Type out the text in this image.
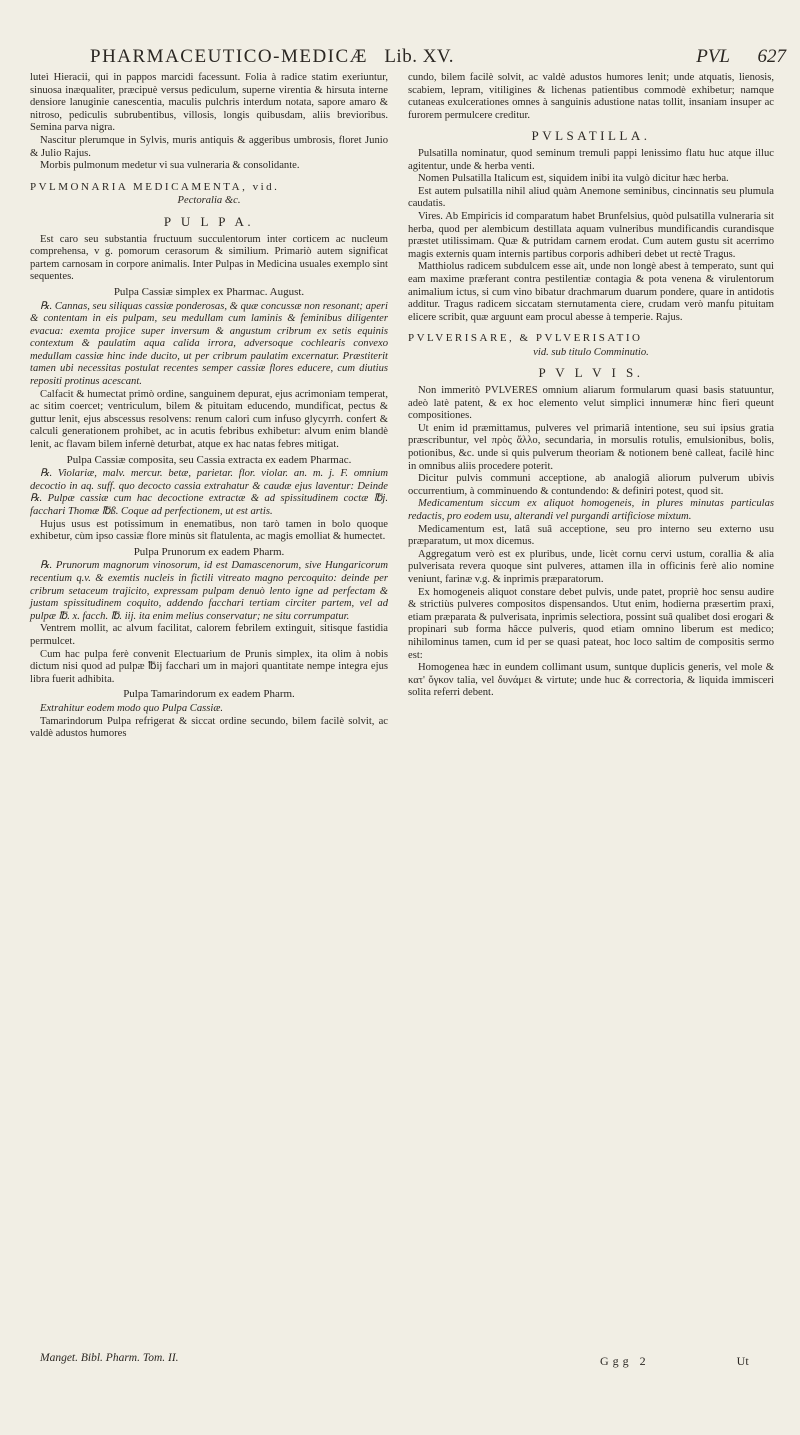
PHARMACEUTICO-MEDICÆ Lib. XV.	PVL 627

luteì Hieracii, qui in pappos marcidi facessunt. Folia à radice statim exeriuntur, sinuosa inæqualiter, præcipuè versus pediculum, superne virentia & hirsuta interne densiore lanuginie canescentia, maculis pulchris interdum notata, sapore amaro & nitroso, pediculis subrubentibus, villosis, longis quibusdam, aliis brevioribus. Semina parva nigra.

Nascitur plerumque in Sylvis, muris antiquis & aggeribus umbrosis, floret Junio & Julio Rajus.

Morbis pulmonum medetur vi sua vulneraria & consolidante.

PVLMONARIA MEDICAMENTA, vid.
Pectoralia &c.
P U L P A.

Est caro seu substantia fructuum succulentorum inter corticem ac nucleum comprehensa, v g. pomorum cerasorum & similium. Primariò autem significat partem carnosam in corpore animalis. Inter Pulpas in Medicina usuales exemplo sint sequentes.

Pulpa Cassiæ simplex ex Pharmac. August.

℞. Cannas, seu siliquas cassiæ ponderosas, & quæ concussæ non resonant; aperi & contentam in eis pulpam, seu medullam cum laminis & feminibus diligenter evacua: exemta projice super inversum & angustum cribrum ex setis equinis contextum & paulatim aqua calida irrora, adversoque cochlearis convexo medullam cassiæ hinc inde ducito, ut per cribrum paulatim excernatur. Præstiterit tamen ubi necessitas postulat recentes semper cassiæ flores educere, cum diutius repositi protinus acescant.

Calfacit & humectat primò ordine, sanguinem depurat, ejus acrimoniam temperat, ac sitim coercet; ventriculum, bilem & pituitam educendo, mundificat, pectus & guttur lenit, ejus abscessus resolvens: renum calori cum infuso glycyrrh. confert & calculi generationem prohibet, ac in acutis febribus exhibetur: alvum enim blandè lenit, ac flavam bilem infernè deturbat, atque ex hac natas febres mitigat.

Pulpa Cassiæ composita, seu Cassia extracta ex eadem Pharmac.

℞. Violariæ, malv. mercur. betæ, parietar. flor. violar. an. m. j. F. omnium decoctio in aq. suff. quo decocto cassia extrahatur & caudæ ejus laventur: Deinde ℞. Pulpæ cassiæ cum hac decoctione extractæ & ad spissitudinem coctæ ℔j. facchari Thomæ ℔ß. Coque ad perfectionem, ut est artis.

Hujus usus est potissimum in enematibus, non tarò tamen in bolo quoque exhibetur, cùm ipso cassiæ flore minùs sit flatulenta, ac magis emolliat & humectet.

Pulpa Prunorum ex eadem Pharm.

℞. Prunorum magnorum vinosorum, id est Damascenorum, sive Hungaricorum recentium q.v. & exemtis nucleis in fictili vitreato magno percoquito: deinde per cribrum setaceum trajicito, expressam pulpam denuò lento igne ad perfectam & justam spissitudinem coquito, addendo facchari tertiam circiter partem, vel ad pulpæ ℔. x. facch. ℔. iij. ita enim melius conservatur; ne situ corrumpatur.

Ventrem mollit, ac alvum facilitat, calorem febrilem extinguit, sitisque fastidia permulcet.

Cum hac pulpa ferè convenit Electuarium de Prunis simplex, ita olim à nobis dictum nisi quod ad pulpæ ℔ij facchari um in majori quantitate nempe integra ejus libra fuerit adhibita.

Pulpa Tamarindorum ex eadem Pharm.

Extrahitur eodem modo quo Pulpa Cassiæ.

Tamarindorum Pulpa refrigerat & siccat ordine secundo, bilem facilè solvit, ac valdè adustos humores

cundo, bilem facilè solvit, ac valdè adustos humores lenit; unde atquatis, lienosis, scabiem, lepram, vitiligines & lichenas patientibus commodè exhibetur; namque cutaneas exulcerationes omnes à sanguinis adustione natas tollit, insaniam insuper ac furorem permulcere creditur.

PVLSATILLA.

Pulsatilla nominatur, quod seminum tremuli pappi lenissimo flatu huc atque illuc agitentur, unde & herba venti.

Nomen Pulsatilla Italicum est, siquidem inibi ita vulgò dicitur hæc herba.

Est autem pulsatilla nihil aliud quàm Anemone seminibus, cincinnatis seu plumula caudatis.

Vires. Ab Empiricis id comparatum habet Brunfelsius, quòd pulsatilla vulneraria sit herba, quod per alembicum destillata aquam vulneribus mundificandis curandisque præstet utilissimam. Quæ & putridam carnem erodat. Cum autem gustu sit acerrimo magis externis quam internis partibus corporis adhiberi debet ut rectè Tragus.

Matthiolus radicem subdulcem esse ait, unde non longè abest à temperato, sunt qui eam maxime præferant contra pestilentiæ contagia & pota venena & virulentorum animalium ictus, si cum vino bibatur drachmarum duarum pondere, quare in antidotis additur. Tragus radicem siccatam sternutamenta ciere, crudam verò manfu pituitam elicere scribit, quæ arguunt eam procul abesse à temperie. Rajus.

PVLVERISARE, & PVLVERISATIO
vid. sub titulo Comminutio.
P V L V I S.

Non immeritò PVLVERES omnium aliarum formularum quasi basis statuuntur, adeò latè patent, & ex hoc elemento velut simplici innumeræ hinc fieri queunt compositiones.

Ut enim id præmittamus, pulveres vel primariâ intentione, seu sui ipsius gratia præscribuntur, vel πρὸς ἄλλο, secundaria, in morsulis rotulis, emulsionibus, bolis, potionibus, &c. unde si quis pulverum theoriam & notionem benè calleat, facilè hinc in omnibus aliis procedere poterit.

Dicitur pulvis communi acceptione, ab analogiâ aliorum pulverum ubivis occurrentium, à comminuendo & contundendo: & definiri potest, quod sit.

Medicamentum siccum ex aliquot homogeneis, in plures minutas particulas redactis, pro eodem usu, alterandi vel purgandi artificiose mixtum.

Medicamentum est, latâ suâ acceptione, seu pro interno seu externo usu præparatum, ut mox dicemus.

Aggregatum verò est ex pluribus, unde, licèt cornu cervi ustum, corallia & alia pulverisata revera quoque sint pulveres, attamen illa in officinis ferè alio nomine veniunt, farinæ v.g. & inprimis præparatorum.

Ex homogeneis aliquot constare debet pulvis, unde patet, propriè hoc sensu audire & strictiùs pulveres compositos dispensandos. Utut enim, hodierna præsertim praxi, etiam præparata & pulverisata, inprimis selectiora, possint suâ qualibet dosi erogari & propinari sub forma hâcce pulveris, quod etiam omnino liberum est medico; nihilominus tamen, cum id per se quasi pateat, hoc loco saltim de compositis sermo est:

Homogenea hæc in eundem collimant usum, suntque duplicis generis, vel mole & κατ' ὄγκον talia, vel δυνάμει & virtute; unde huc & correctoria, & liquida immisceri solita referri debent.

Manget. Bibl. Pharm. Tom. II.	Ggg 2	Ut
